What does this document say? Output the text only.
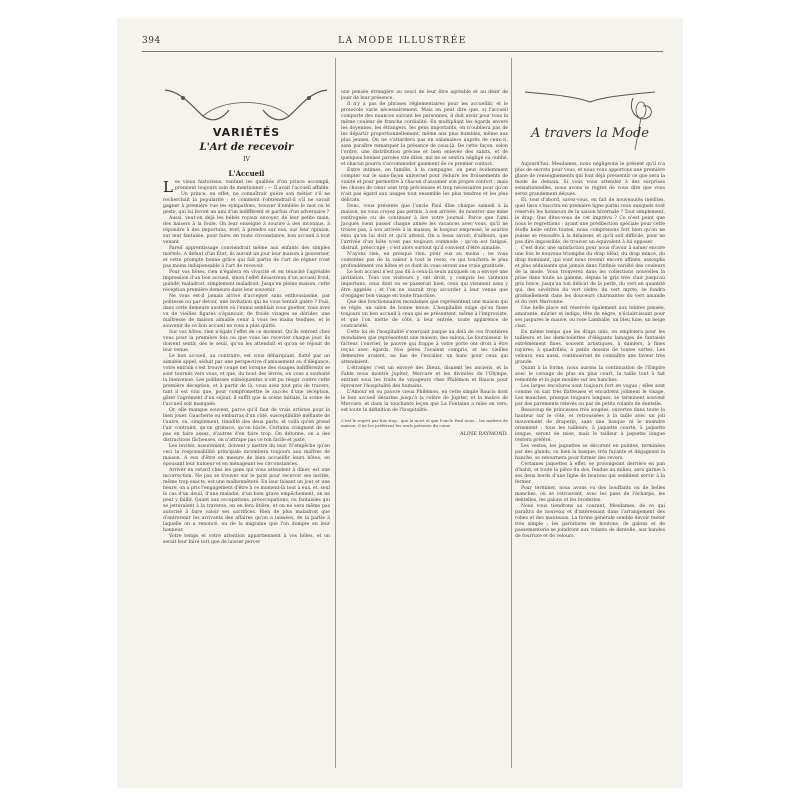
394	LA MODE ILLUSTRÉE
VARIÉTÉS
L'Art de recevoir
IV
L'Accueil

Les vieux historiens, vantant les qualités d'un prince accompli, prennent toujours soin de mentionner : — Il avait l'accueil affable.

Un prince, en effet, ne connaîtrait guère son métier s'il ne recherchait la popularité ; et comment l'obtiendrait-il s'il ne savait gagner à première vue les sympathies, trouver d'emblée le mot ou le geste, qui lui feront un ami d'un indifférent et parfois d'un adversaire ?

Aussi, veut-on déjà les bébés royaux envoyer, de leur petite main, des baisers à la foule. On leur enseigne à sourire à des inconnus, à répondre à des importuns, bref, à prendre sur eux, sur leur opinion, sur leur fantaisie, pour faire, en toute circonstance, bon accueil à tout venant.

Pareil apprentissage conviendrait même aux enfants des simples mortels. A défaut d'un État, ils auront un jour leur maison à gouverner, et cette prompte bonne grâce qui fait partie de l'art de régner n'est pas moins indispensable à l'art de recevoir.

Pour vos hôtes, rien n'égalera en vivacité et en ténacité l'agréable impression d'un bon accueil, sinon l'effet désastreux d'un accueil froid, guindé, maladroit, simplement maladroit. Jusqu'en pleine maison, cette réception première demeure dans leur souvenir.

Ne vous est-il jamais arrivé d'accepter sans enthousiasme, par politesse ou par devoir, une invitation qui ne vous tentait guère ? Puis, dans cette demeure austère où l'ennui semblait vous guetter, vous avez vu de vieilles figures s'épanouir, de froids visages se dérider, une maîtresse de maison aimable venir à vous les mains tendues, et le souvenir de ce bon accueil ne vous a plus quitté.

Sur vos hôtes, rien n'égale l'effet de ce moment. Qu'ils entrent chez vous pour la première fois ou que vous les receviez chaque jour, ils doivent sentir, dès le seuil, qu'on les attendait et qu'on se réjouit de leur venue.

Le bon accueil, au contraire, est vous débarquant, flatté par un aimable appel, séduit par une perspective d'amusement ou d'élégance, votre entrain s'est trouvé coupé net lorsque des visages indifférents se sont tournés vers vous, et que, du bout des lèvres, on vous a souhaité la bienvenue. Les politesses subséquentes n'ont pu réagir contre cette première déception, et à partir de là, vous avez tout pris de travers, tant il est vrai que, pour compromettre le succès d'une réception, gâter l'agrément d'un séjour, il suffit que la scène initiale, la scène de l'accueil soit manquée.

Or, elle manque souvent, parce qu'il faut de vrais artistes pour la bien jouer. Gaucherie ou embarras d'un côté, susceptibilité méfiante de l'autre, ou, simplement, timidité des deux parts, et voilà qu'en prend l'air contraint, qu'on grimace, qu'on bâcle. Certains craignent de ne pas en faire assez, d'autres d'en faire trop. On détonne, on a des distractions fâcheuses, on n'attrape pas ce ton facile et juste.

Les invités, assurément, doivent y mettre du leur. N'empêche qu'en ceci la responsabilité principale incombera toujours aux maîtres de maison. A eux d'être en mesure de bien accueillir leurs hôtes, en épousant leur humeur et en ménageant les circonstances.

Arriver en retard chez les gens qui vous attendent à dîner, est une incorrection. Ne pas se trouver sur le pont pour recevoir ses invités, même trop exacts, est une malhonnêteté. En leur faisant un jour et une heure, on a pris l'engagement d'être à ce moment-là tout à eux, et, seul le cas d'un deuil, d'une maladie, d'un bien grave empêchement, on ne peut y faillir. Quant aux occupations, préoccupations, ou fantaisies qui se jetteraient à la traverse, on en fera litière, et on ne sera même pas autorisé à faire valoir ses sacrifices. Rien de plus maladroit que d'entretenir les arrivants des affaires qu'on a laissées, de la partie à laquelle on a renoncé, ou de la migraine que l'on dompte en leur honneur.

Votre temps et votre attention appartiennent à vos hôtes, et on serait leur faire tort que de laisser percer

une pensée étrangère au souci de leur être agréable et au désir de jouir de leur présence.

Il n'y a pas de phrases réglementaires pour les accueillir, et le protocole varie nécessairement. Mais on peut dire que, si l'accueil comporte des nuances suivant les personnes, il doit avoir pour tous la même couleur de franche cordialité. En multipliant les égards envers les doyennes, les étrangers, les gens importants, on n'oubliera pas de les départir proportionnellement, même aux plus humbles, même aux plus jeunes. On ne s'attardera pas en salamalecs auprès de ceux-ci, sans paraître remarquer la présence de ceux-là. De cette façon, selon l'ordre, une distribution précise et bien enlevée des saluts, et de quelques bonnes paroles vite dites, nul ne se sentira négligé ou oublié, et chacun pourra s'accommoder gaiement de ce premier contact.

Entre intimes, en famille, à la campagne, on peut évidemment compter sur le sans-façon universel pour réduire les froissements de vanité et pour permettre à chacun d'assumer son propre confort ; mais les choses de cœur sont trop précieuses et trop nécessaires pour qu'on n'ait pas égard aux usages tout ensemble les plus tendres et les plus délicats.

Donc, vous présente que l'oncle Paul dîne chaque samedi à la maison, ne vous croyez pas permis, à son arrivée, de montrer une mine renfrognée ou de continuer à lire votre journal. Parce que l'ami Jacques vient passer chaque année les vacances avec vous, qu'il ne trouve pas, à son arrivée à la maison, le bonjour empressé, le sourire ému qu'on lui doit et qu'il attend. On a beau savoir, d'ailleurs, que l'arrivée d'un hôte n'est pas toujours commode ; qu'on est fatigué, distrait, préoccupé ; c'est alors surtout qu'il convient d'être aimable.

N'ayons rien, en presque rien, pour eux au moins ; ne vous contentez pas de la valeur à tout le reste, ce qui touchera le plus profondément vos hôtes et ce dont ils vous seront une vraie gratitude.

Le bon accueil n'est pas dû à ceux-là seuls auxquels on a envoyé une invitation. Tous vos visiteurs y ont droit, y compris les visiteurs importuns, ceux dont on se passerait bien, ceux qui viennent sans y être appelés ; et l'on ne saurait trop accorder à leur venue que d'engager bon visage en toute franchise.

Que des fonctionnaires mondaines que représentent une maison qui se règle, un salon de bonne tenue. L'hospitalité exige qu'on fasse toujours un bon accueil à ceux qui se présentent, même à l'improviste, et que l'on mette de côté, à leur entrée, toute apparence de contrariété.

Cette loi de l'hospitalité s'exerçant jusque au delà de ces frontières mondaines que représentent une maison, des salons. Le fournisseur, le facteur, l'ouvrier, le pauvre qui frappe à votre porte ont droit à être reçus avec égards. Nos pères l'avaient compris, et les vieilles demeures avaient, au bas de l'escalier, un banc pour ceux qui attendaient.

L'étranger c'est un envoyé des Dieux, disaient les anciens, et la Fable nous montre Jupiter, Mercure et les divinités de l'Olympe, entrant sous les traits de voyageurs chez Philémon et Baucis pour éprouver l'hospitalité des humains.

L'Amour en ou pauvre vieux Philémon, en cette simple Baucis dont le bon accueil désarme jusqu'à la colère de Jupiter, et la malice de Mercure, et dans la touchante leçon que La Fontaine a mise en vers, est toute la définition de l'hospitalité.

C'est le regret par fois trop ; que la mort et que l'oncle Paul nous... les maîtres de maison, il ne les préfèrent les seuls présents du cœur.
ALINE RAYMOND.
A travers la Mode

Aujourd'hui, Mesdames, nous négligeons le présent qu'il n'a plus de secrets pour vous, et nous vous apportons une première glane de renseignements qui font déjà pressentir ce que sera la mode de demain. Si vous vous attendez à des surprises sensationnelles, nous avons le regret de vous dire que vous serez grandement déçues.

Et, tout d'abord, savez-vous, en fait de nouveautés inédites, quel tissu s'inscrira en première ligne parmi ceux auxquels sont réservés les honneurs de la saison hivernale ? Tout simplement, le drap. Que dites-vous de cet imprévu ? Ce n'est point que nous le regrettions : ayant une prédilection spéciale pour cette étoffe belle entre toutes, nous comprenons fort bien qu'on ne puisse se résoudre à la délaisser, et qu'il soit difficile, pour ne pas dire impossible, de trouver un équivalent à lui opposer.

C'est donc une satisfaction pour nous d'avoir à saluer encore une fois le nouveau triomphe du drap idéal, du drap mince, du drap dominant, qui vont nous revenir encore affinés, assouplis et plus séduisants que jamais dans l'infinie variété des couleurs de la mode. Vous trouverez dans les collections nouvelles la prise dans toute sa gamme, depuis le gris très clair jusqu'au gris fonce, jusqu'au ton délicat de la perle, du vert en quantité qui, des sévérités du vert cèdre, du vert myrte, se fondra graduellement dans les douceurs charmantes du vert amande et du vert Marronne.

Une belle place est réservée également aux teintes pensée, amarante, mûrier et indigo, tête de nègre, n'éclaircissant pour ses jaspures le mauve, ou rose Lamballe, un bleu lune, un beige clair.

En même temps que les draps unis, on emploiera pour les tailleurs et les demi-toilettes d'élégants lainages de fantaisie extrêmement fines, souvent artistiques, à damiers, à fines rayures, à quadrillés, à petits dessins de toutes sortes. Les velours, eux aussi, continueront de connaître une faveur très grande.

Quant à la forme, nous aurons la continuation de l'Empire avec le corsage de plus en plus court, la taille tout à fait remontée et la jupe moulée sur les hanches.

Les larges encolures sont toujours fort en vogue ; elles sont comme on sait très flatteuses et encadrent joliment le visage. Les manches, presque toujours longues, se terminent souvent par des parements relevés ou par de petits volants de dentelle.

Beaucoup de princesses très souples, ouvertes dans toute la hauteur sur le côté, et retroussées à la taille avec un joli mouvement de draperie, sans une basque ni le moindre ornement ; tous les tailleurs, à jaquette courte, à jaquette longue, seront de mise, mais le tailleur à jaquette longue restera préféré.

Les vestes, les jaquettes se décorent en pointes, terminées par des glands, ou bien la basque, très fuyante et dégageant la hanche, se retournera pour former des revers.

Certaines jaquettes à effet, se prolongeant derrière en pan d'habit, et toute la pièce du dos, fendue au milieu, sera garnie à ses deux bords d'une ligne de boutons qui semblent servir à la fermer.

Pour terminer, nous avons vu des bouffants ou de belles manches, où se retrouvent, avec les pans de l'écharpe, les dentelles, les galons et les broderies.

Nous vous tiendrons au courant, Mesdames, de ce qui paraîtra de nouveau et d'intéressant dans l'arrangement des robes et des manteaux. La forme générale semble devoir rester très simple ; les garnitures de boutons, de galons et de passementerie se joindront aux volants de dentelle, aux bandes de fourrure et de velours.
